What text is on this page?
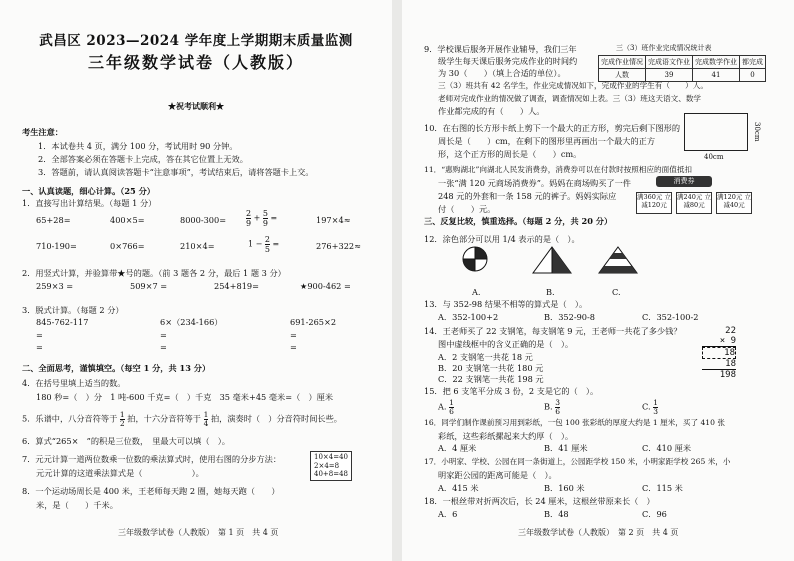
武昌区 2023—2024 学年度上学期期末质量监测
三年级数学试卷（人教版）
★祝考试顺利★
考生注意：
1．本试卷共 4 页，满分 100 分，考试用时 90 分钟。
2．全部答案必须在答题卡上完成，答在其它位置上无效。
3．答题前，请认真阅读答题卡“注意事项”，考试结束后，请将答题卡上交。
一、认真读题，细心计算。（25 分）
1．直接写出计算结果。（每题 1 分）
65+28=	400×5=	$8000-300= \frac{2}{9} + \frac{5}{9}$ =	197×4≈
710-190=	0×766=	210×4=	$1 - \frac{2}{5}$ =	276+322≈
2．用竖式计算，并验算带★号的题。（前 3 题各 2 分，最后 1 题 3 分）
259×3 =	509×7 =	254+819=	★900-462 =
3．脱式计算。（每题 2 分）
845-762-117	6×（234-166）	691-265×2
=	=	=
=	=	=
二、全面思考，谨慎填空。（每空 1 分，共 13 分）
4．在括号里填上适当的数。
180 秒=（　）分　1 吨-600 千克=（　）千克　35 毫米+45 毫米=（　）厘米
5．乐谱中，八分音符等于 $\frac{1}{2}$ 拍，十六分音符等于 $\frac{1}{4}$ 拍，演奏时（　）分音符时间长些。
6．算式“265×　”的积是三位数，　里最大可以填（　）。
7．元元计算一道两位数乘一位数的乘法算式时，使用右图的分步方法：
元元计算的这道乘法算式是（　　　　　　）。
10×4=40
2×4=8
40+8=48
8．一个运动场周长是 400 米，王老师每天跑 2 圈，她每天跑（　　）
米，是（　　）千米。
三年级数学试卷（人教版）　第 1 页　共 4 页
9．学校课后服务开展作业辅导，我们三年
级学生每天课后服务完成作业的时间约
为 30（　　）（填上合适的单位）。
三（3）班共有 42 名学生，作业完成情况如下，完成作业的学生有（　　）人。
老师对完成作业的情况做了调查，调查情况如上表。三（3）班这天语文、数学
作业都完成的有（　　）人。
三（3）班作业完成情况统计表
完成作业情况	完成语文作业	完成数学作业	都完成
人数	39	41	0
10．在右图的长方形卡纸上剪下一个最大的正方形，剪完后剩下图形的
周长是（　　）cm，在剩下的图形里再画出一个最大的正方
形，这个正方形的周长是（　　）cm。
30cm
40cm
11．“惠购湖北”向湖北人民发消费券，消费券可以在付款时按照相应的面值抵扣
一张“满 120 元商场消费券”。妈妈在商场购买了一件
248 元的外套和一条 158 元的裤子。妈妈实际应
付（　　）元。
消费券
满360元 立减120元
满240元 立减80元
满120元 立减40元
三、反复比较，慎重选择。（每题 2 分，共 20 分）
12．涂色部分可以用 1/4 表示的是（　）。
A.	B.	C.
13．与 352-98 结果不相等的算式是（　）。
A．352-100+2	B．352-90-8	C．352-100-2
14．王老师买了 22 支钢笔，每支钢笔 9 元，王老师一共花了多少钱？
图中虚线框中的含义正确的是（　）。
A．2 支钢笔一共花 18 元
B．20 支钢笔一共花 180 元
C．22 支钢笔一共花 198 元
22
× 9
18
18
198
15．把 6 支笔平分成 3 份，2 支是它的（　）。
A. $\frac{1}{6}$	B. $\frac{3}{6}$	C. $\frac{1}{3}$
16．同学们制作课前预习用到彩纸，一包 100 张彩纸的厚度大约是 1 厘米，买了 410 张
彩纸，这些彩纸摞起来大约厚（　）。
A．4 厘米	B．41 厘米	C．410 厘米
17．小明家、学校、公园在同一条街道上，公园距学校 150 米，小明家距学校 265 米，小
明家距公园的距离可能是（　）。
A．415 米	B．160 米	C．115 米
18．一根丝带对折两次后，长 24 厘米，这根丝带原来长（　）
A．6	B．48	C．96
三年级数学试卷（人教版）　第 2 页　共 4 页
